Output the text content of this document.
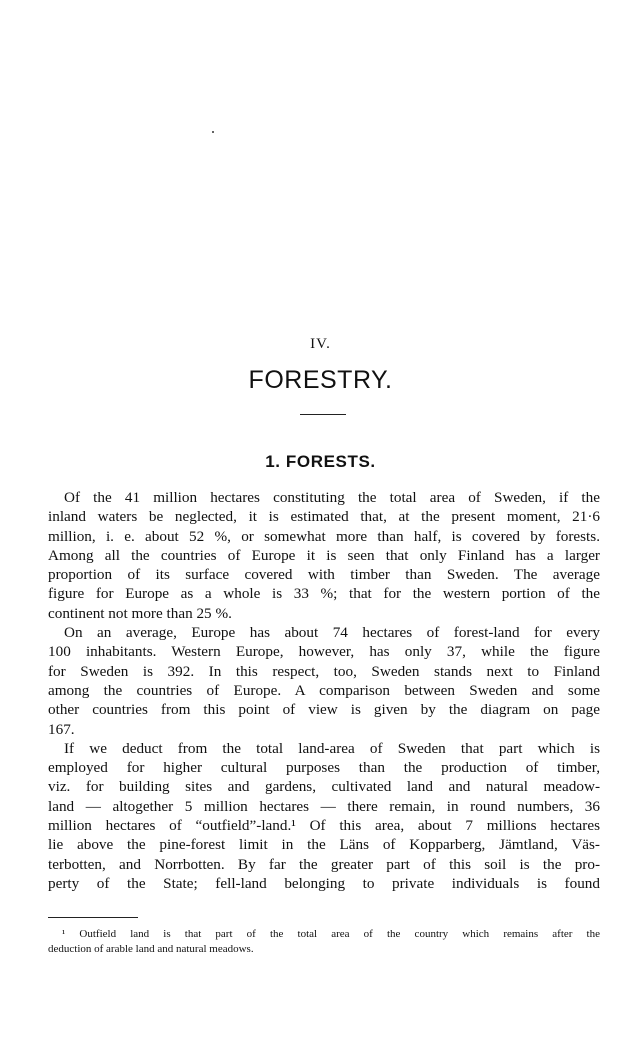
IV.
FORESTRY.
1. FORESTS.
Of the 41 million hectares constituting the total area of Sweden, if the
inland waters be neglected, it is estimated that, at the present moment, 21·6
million, i. e. about 52 %, or somewhat more than half, is covered by forests.
Among all the countries of Europe it is seen that only Finland has a larger
proportion of its surface covered with timber than Sweden. The average
figure for Europe as a whole is 33 %; that for the western portion of the
continent not more than 25 %.
On an average, Europe has about 74 hectares of forest-land for every
100 inhabitants. Western Europe, however, has only 37, while the figure
for Sweden is 392. In this respect, too, Sweden stands next to Finland
among the countries of Europe. A comparison between Sweden and some
other countries from this point of view is given by the diagram on page
167.
If we deduct from the total land-area of Sweden that part which is
employed for higher cultural purposes than the production of timber,
viz. for building sites and gardens, cultivated land and natural meadow-
land — altogether 5 million hectares — there remain, in round numbers, 36
million hectares of “outfield”-land.¹ Of this area, about 7 millions hectares
lie above the pine-forest limit in the Läns of Kopparberg, Jämtland, Väs-
terbotten, and Norrbotten. By far the greater part of this soil is the pro-
perty of the State; fell-land belonging to private individuals is found
¹ Outfield land is that part of the total area of the country which remains after the
deduction of arable land and natural meadows.
